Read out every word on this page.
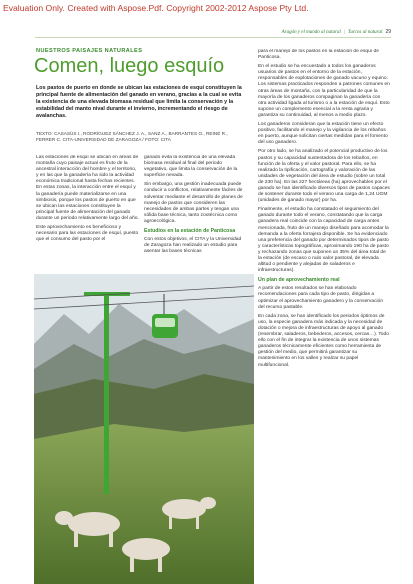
Evaluation Only. Created with Aspose.Pdf. Copyright 2002-2012 Aspose Pty Ltd.
Aragón y el mundo al natural | Turcos al natural 29
NUESTROS PAISAJES NATURALES
Comen, luego esquío
Los pastos de puerto en donde se ubican las estaciones de esquí constituyen la principal fuente de alimentación del ganado en verano, gracias a la cual se evita la existencia de una elevada biomasa residual que limita la conservación y la estabilidad del manto nival durante el invierno, incrementando el riesgo de avalanchas.
TEXTO: CASASÚS I., RODRÍGUEZ SÁNCHEZ J. A., SANZ A., BARRANTES O., REINÉ R., FERRER C. CITA-UNIVERSIDAD DE ZARAGOZA / FOTO: CITA

Las estaciones de esquí se ubican en áreas de montaña cuyo paisaje actual es fruto de la ancestral interacción del hombre y el territorio, y en las que la ganadería ha sido la actividad económica tradicional hasta fechas recientes. En estas zonas, la interacción entre el esquí y la ganadería puede materializarse en una simbiosis, porque los pastos de puerto en que se ubican las estaciones constituyen la principal fuente de alimentación del ganado durante un periodo relativamente largo del año.

Este aprovechamiento es beneficioso y necesario para las estaciones de esquí, puesto que el consumo del pasto por el

ganado evita la existencia de una elevada biomasa residual al final del periodo vegetativo, que limita la conservación de la superficie nevada.

Sin embargo, una gestión inadecuada puede conducir a conflictos, relativamente fáciles de solventar mediante el desarrollo de planes de manejo de pastos que consideren las necesidades de ambas partes y tengan una sólida base técnica, tanto zootécnica como agroecológica.

Estudios en la estación de Panticosa

Con estos objetivos, el CITA y la Universidad de Zaragoza han realizado un estudio para asentar las bases técnicas

para el manejo de los pastos en la estación de esquí de Panticosa.

En el estudio se ha encuestado a todos los ganaderos usuarios de pastos en el entorno de la estación, responsables de explotaciones de ganado vacuno y equino. Los sistemas practicados responden a patrones comunes en otras áreas de montaña, con la particularidad de que la mayoría de los ganaderos compaginan la ganadería con otra actividad ligada al turismo o a la estación de esquí. Esto supone un complemento esencial a la renta agraria y garantiza su continuidad, al menos a medio plazo.

Los ganaderos consideran que la estación tiene un efecto positivo, facilitando el manejo y la vigilancia de los rebaños en puerto, aunque solicitan ciertas medidas para el fomento del uso ganadero.

Por otro lado, se ha analizado el potencial productivo de los pastos y su capacidad sustentadora de los rebaños, en función de la oferta y el valor pastoral. Para ello, se ha realizado la tipificación, cartografía y valoración de las unidades de vegetación del área de estudio (sobre un total de 230 ha). En las 227 hectáreas (ha) aprovechables por el ganado se han identificado diversos tipos de pastos capaces de sostener durante todo el verano una carga de 1,24 UGM (unidades de ganado mayor) por ha.

Finalmente, el estudio ha constatado el seguimiento del ganado durante todo el verano, constatando que la carga ganadera real coincide con la capacidad de carga antes mencionada, fruto de un manejo diseñado para acomodar la demanda a la oferta forrajera disponible. Se ha evidenciado una preferencia del ganado por determinados tipos de pasto y características topográficas, aproximando 190 ha de pasto y rechazando zonas que suponen un 35% del área total de la estación (de escaso o nulo valor pastoral, de elevada altitud o pendiente y alejadas de saladeros e infraestructuras).

Un plan de aprovechamiento real

A partir de estos resultados se han elaborado recomendaciones para cada tipo de pasto, dirigidas a optimizar el aprovechamiento ganadero y la conservación del recurso pastable.

En cada zona, se han identificado los periodos óptimos de uso, la especie ganadera más indicada y la necesidad de dotación o mejora de infraestructuras de apoyo al ganado (resembrar, saladeros, bebederos, accesos, cercas…). Todo ello con el fin de integrar la existencia de unos sistemas ganaderos técnicamente eficientes como herramienta de gestión del medio, que permitirá garantizar su mantenimiento en los valles y realzar su papel multifuncional.
